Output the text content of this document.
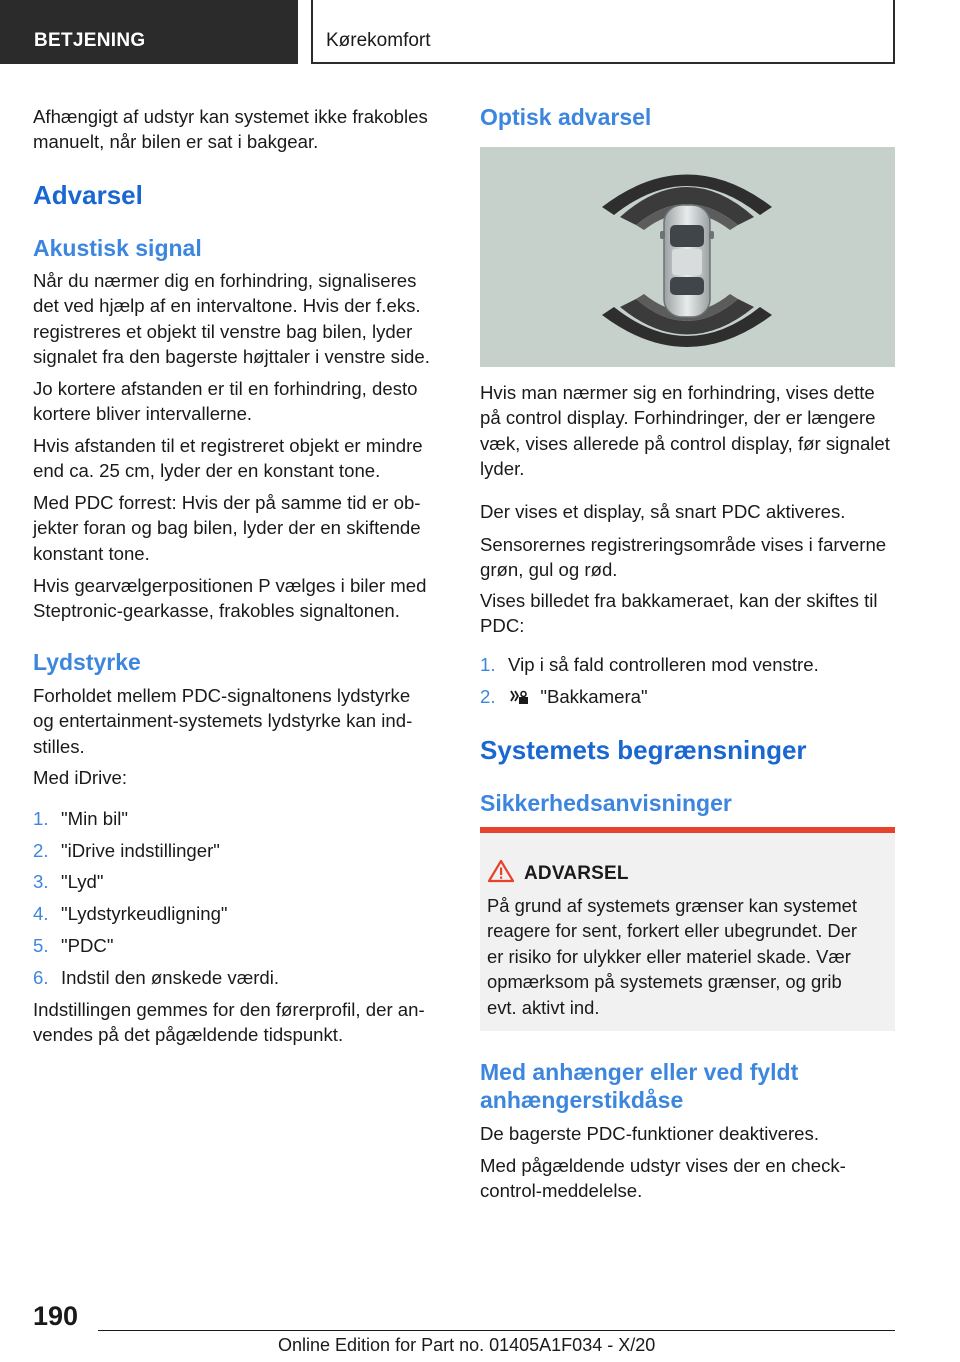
BETJENING	Kørekomfort
Afhængigt af udstyr kan systemet ikke frakobles
manuelt, når bilen er sat i bakgear.
Advarsel
Akustisk signal
Når du nærmer dig en forhindring, signaliseres
det ved hjælp af en intervaltone. Hvis der f.eks.
registreres et objekt til venstre bag bilen, lyder
signalet fra den bagerste højttaler i venstre side.
Jo kortere afstanden er til en forhindring, desto
kortere bliver intervallerne.
Hvis afstanden til et registreret objekt er mindre
end ca. 25 cm, lyder der en konstant tone.
Med PDC forrest: Hvis der på samme tid er ob‐
jekter foran og bag bilen, lyder der en skiftende
konstant tone.
Hvis gearvælgerpositionen P vælges i biler med
Steptronic-gearkasse, frakobles signaltonen.
Lydstyrke
Forholdet mellem PDC-signaltonens lydstyrke
og entertainment-systemets lydstyrke kan ind‐
stilles.
Med iDrive:
1. "Min bil"
2. "iDrive indstillinger"
3. "Lyd"
4. "Lydstyrkeudligning"
5. "PDC"
6. Indstil den ønskede værdi.
Indstillingen gemmes for den førerprofil, der an‐
vendes på det pågældende tidspunkt.
Optisk advarsel
Hvis man nærmer sig en forhindring, vises dette
på control display. Forhindringer, der er længere
væk, vises allerede på control display, før signalet
lyder.
Der vises et display, så snart PDC aktiveres.
Sensorernes registreringsområde vises i farverne
grøn, gul og rød.
Vises billedet fra bakkameraet, kan der skiftes til
PDC:
1. Vip i så fald controlleren mod venstre.
2.	"Bakkamera"
Systemets begrænsninger
Sikkerhedsanvisninger
Med anhænger eller ved fyldt
anhængerstikdåse
De bagerste PDC-funktioner deaktiveres.
Med pågældende udstyr vises der en check-
control-meddelelse.
ADVARSEL
På grund af systemets grænser kan systemet
reagere for sent, forkert eller ubegrundet. Der
er risiko for ulykker eller materiel skade. Vær
opmærksom på systemets grænser, og grib
evt. aktivt ind.
190
Online Edition for Part no. 01405A1F034 - X/20
